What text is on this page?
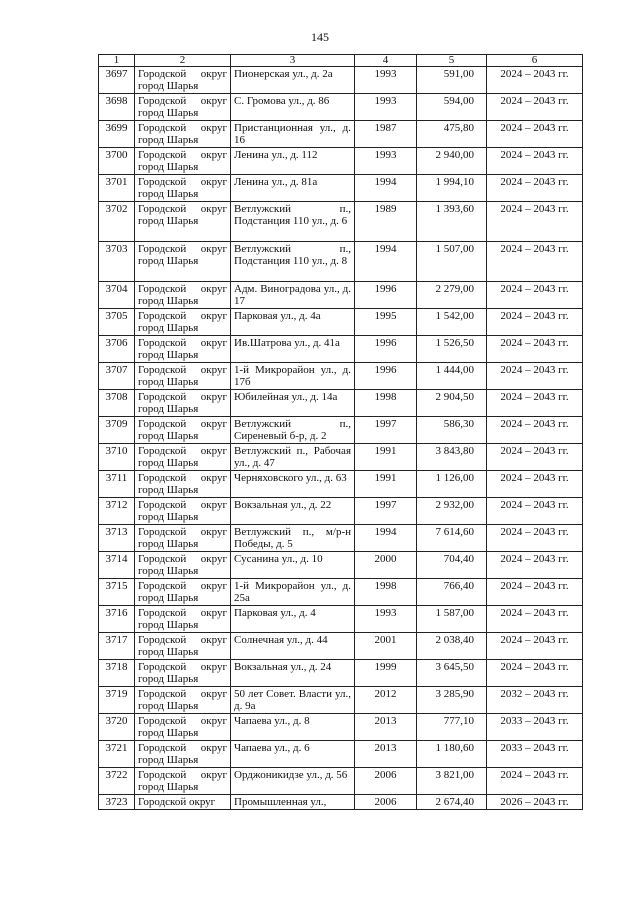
145
1	2	3	4	5	6
3697	Городской округ город Шарья	Пионерская ул., д. 2а	1993	591,00	2024 – 2043 гг.
3698	Городской округ город Шарья	С. Громова ул., д. 86	1993	594,00	2024 – 2043 гг.
3699	Городской округ город Шарья	Пристанционная ул., д. 16	1987	475,80	2024 – 2043 гг.
3700	Городской округ город Шарья	Ленина ул., д. 112	1993	2 940,00	2024 – 2043 гг.
3701	Городской округ город Шарья	Ленина ул., д. 81а	1994	1 994,10	2024 – 2043 гг.
3702	Городской округ город Шарья	Ветлужский п., Подстанция 110 ул., д. 6	1989	1 393,60	2024 – 2043 гг.
3703	Городской округ город Шарья	Ветлужский п., Подстанция 110 ул., д. 8	1994	1 507,00	2024 – 2043 гг.
3704	Городской округ город Шарья	Адм. Виноградова ул., д. 17	1996	2 279,00	2024 – 2043 гг.
3705	Городской округ город Шарья	Парковая ул., д. 4а	1995	1 542,00	2024 – 2043 гг.
3706	Городской округ город Шарья	Ив.Шатрова ул., д. 41а	1996	1 526,50	2024 – 2043 гг.
3707	Городской округ город Шарья	1-й Микрорайон ул., д. 17б	1996	1 444,00	2024 – 2043 гг.
3708	Городской округ город Шарья	Юбилейная ул., д. 14а	1998	2 904,50	2024 – 2043 гг.
3709	Городской округ город Шарья	Ветлужский п., Сиреневый б-р, д. 2	1997	586,30	2024 – 2043 гг.
3710	Городской округ город Шарья	Ветлужский п., Рабочая ул., д. 47	1991	3 843,80	2024 – 2043 гг.
3711	Городской округ город Шарья	Черняховского ул., д. 63	1991	1 126,00	2024 – 2043 гг.
3712	Городской округ город Шарья	Вокзальная ул., д. 22	1997	2 932,00	2024 – 2043 гг.
3713	Городской округ город Шарья	Ветлужский п., м/р-н Победы, д. 5	1994	7 614,60	2024 – 2043 гг.
3714	Городской округ город Шарья	Сусанина ул., д. 10	2000	704,40	2024 – 2043 гг.
3715	Городской округ город Шарья	1-й Микрорайон ул., д. 25а	1998	766,40	2024 – 2043 гг.
3716	Городской округ город Шарья	Парковая ул., д. 4	1993	1 587,00	2024 – 2043 гг.
3717	Городской округ город Шарья	Солнечная ул., д. 44	2001	2 038,40	2024 – 2043 гг.
3718	Городской округ город Шарья	Вокзальная ул., д. 24	1999	3 645,50	2024 – 2043 гг.
3719	Городской округ город Шарья	50 лет Совет. Власти ул., д. 9а	2012	3 285,90	2032 – 2043 гг.
3720	Городской округ город Шарья	Чапаева ул., д. 8	2013	777,10	2033 – 2043 гг.
3721	Городской округ город Шарья	Чапаева ул., д. 6	2013	1 180,60	2033 – 2043 гг.
3722	Городской округ город Шарья	Орджоникидзе ул., д. 56	2006	3 821,00	2024 – 2043 гг.
3723	Городской округ	Промышленная ул.,	2006	2 674,40	2026 – 2043 гг.
